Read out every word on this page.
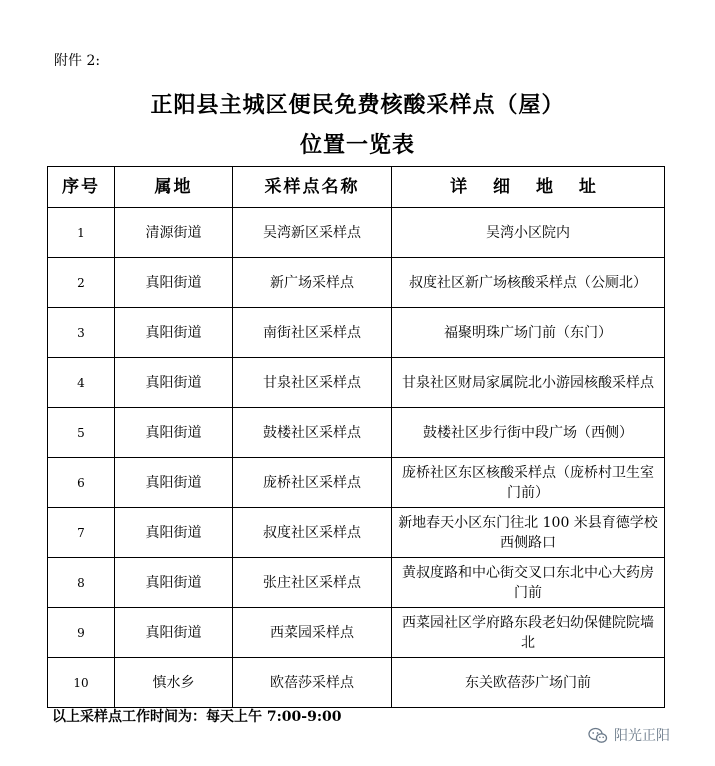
附件 2:
正阳县主城区便民免费核酸采样点（屋）
位置一览表
序号	属地	采样点名称	详 细 地 址
1	清源街道	吴湾新区采样点	吴湾小区院内
2	真阳街道	新广场采样点	叔度社区新广场核酸采样点（公厕北）
3	真阳街道	南街社区采样点	福聚明珠广场门前（东门）
4	真阳街道	甘泉社区采样点	甘泉社区财局家属院北小游园核酸采样点
5	真阳街道	鼓楼社区采样点	鼓楼社区步行街中段广场（西侧）
6	真阳街道	庞桥社区采样点	庞桥社区东区核酸采样点（庞桥村卫生室门前）
7	真阳街道	叔度社区采样点	新地春天小区东门往北 100 米县育德学校西侧路口
8	真阳街道	张庄社区采样点	黄叔度路和中心街交叉口东北中心大药房门前
9	真阳街道	西菜园采样点	西菜园社区学府路东段老妇幼保健院院墙北
10	慎水乡	欧蓓莎采样点	东关欧蓓莎广场门前
以上采样点工作时间为：每天上午 7:00-9:00
阳光正阳
